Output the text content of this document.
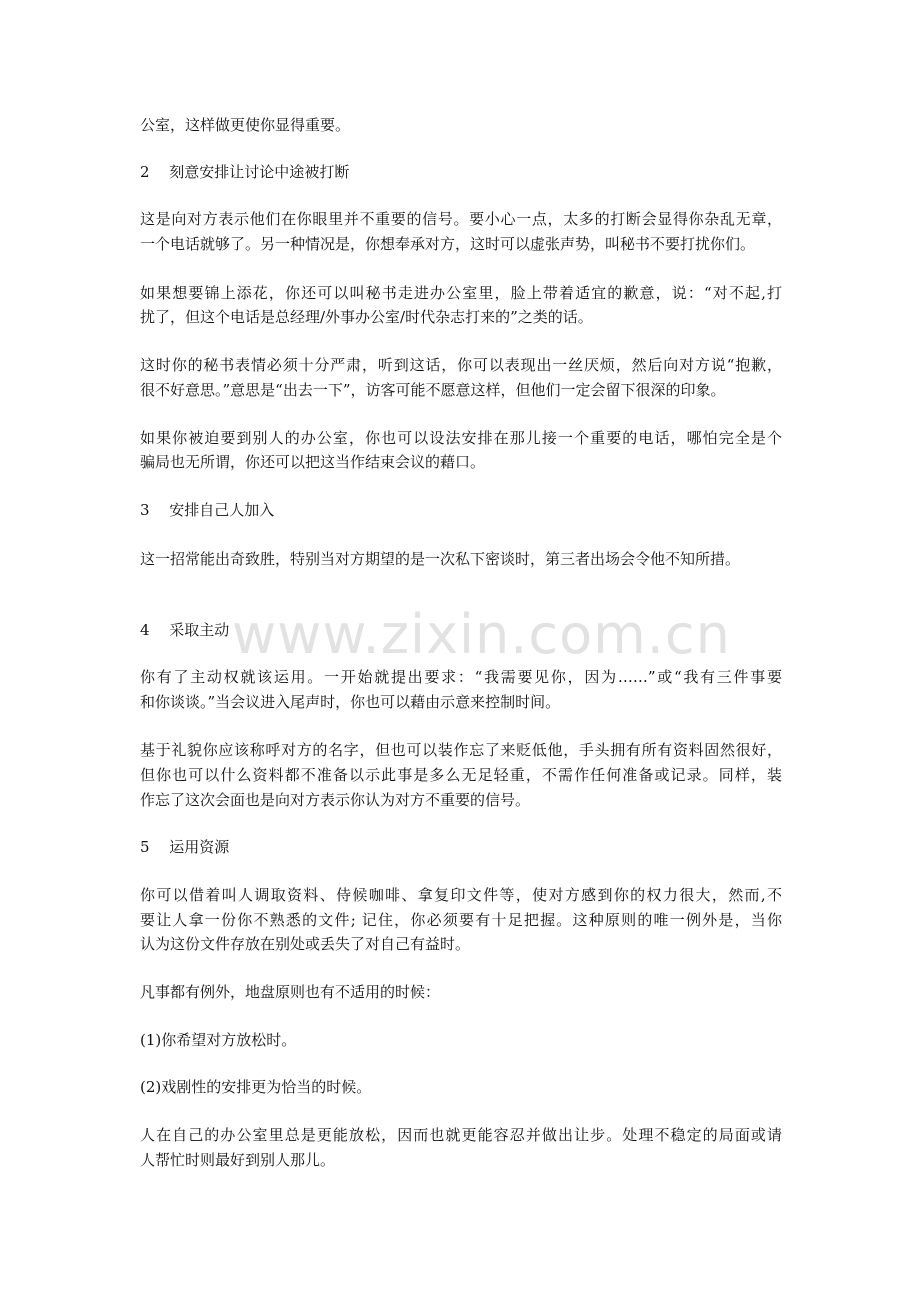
www.zixin.com.cn
公室，这样做更使你显得重要。
2　 刻意安排让讨论中途被打断
这是向对方表示他们在你眼里并不重要的信号。要小心一点，太多的打断会显得你杂乱无章，
一个电话就够了。另一种情况是，你想奉承对方，这时可以虚张声势，叫秘书不要打扰你们。
如果想要锦上添花，你还可以叫秘书走进办公室里，脸上带着适宜的歉意，说：“对不起,打
扰了，但这个电话是总经理/外事办公室/时代杂志打来的”之类的话。
这时你的秘书表情必须十分严肃，听到这话，你可以表现出一丝厌烦，然后向对方说“抱歉，
很不好意思。”意思是“出去一下”，访客可能不愿意这样，但他们一定会留下很深的印象。
如果你被迫要到别人的办公室，你也可以设法安排在那儿接一个重要的电话，哪怕完全是个
骗局也无所谓，你还可以把这当作结束会议的藉口。
3　 安排自己人加入
这一招常能出奇致胜，特别当对方期望的是一次私下密谈时，第三者出场会令他不知所措。
4　 采取主动
你有了主动权就该运用。一开始就提出要求：“我需要见你，因为……”或“我有三件事要
和你谈谈。”当会议进入尾声时，你也可以藉由示意来控制时间。
基于礼貌你应该称呼对方的名字，但也可以装作忘了来贬低他，手头拥有所有资料固然很好，
但你也可以什么资料都不准备以示此事是多么无足轻重，不需作任何准备或记录。同样，装
作忘了这次会面也是向对方表示你认为对方不重要的信号。
5　 运用资源
你可以借着叫人调取资料、侍候咖啡、拿复印文件等，使对方感到你的权力很大，然而,不
要让人拿一份你不熟悉的文件; 记住，你必须要有十足把握。这种原则的唯一例外是，当你
认为这份文件存放在别处或丢失了对自己有益时。
凡事都有例外，地盘原则也有不适用的时候：
(1)你希望对方放松时。
(2)戏剧性的安排更为恰当的时候。
人在自己的办公室里总是更能放松，因而也就更能容忍并做出让步。处理不稳定的局面或请
人帮忙时则最好到别人那儿。
